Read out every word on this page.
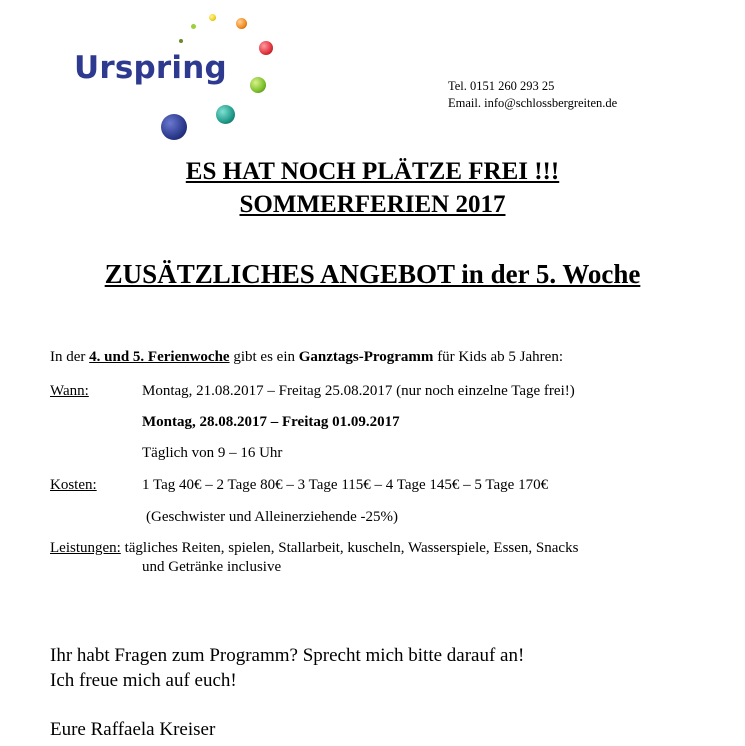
Urspring	Tel. 0151 260 293 25
Email. info@schlossbergreiten.de
ES HAT NOCH PLÄTZE FREI !!!
SOMMERFERIEN 2017
ZUSÄTZLICHES ANGEBOT in der 5. Woche
In der 4. und 5. Ferienwoche gibt es ein Ganztags-Programm für Kids ab 5 Jahren:
Wann:	Montag, 21.08.2017 – Freitag 25.08.2017 (nur noch einzelne Tage frei!)
Montag, 28.08.2017 – Freitag 01.09.2017
Täglich von 9 – 16 Uhr
Kosten:	1 Tag 40€ – 2 Tage 80€ – 3 Tage 115€ – 4 Tage 145€ – 5 Tage 170€
(Geschwister und Alleinerziehende -25%)
Leistungen: tägliches Reiten, spielen, Stallarbeit, kuscheln, Wasserspiele, Essen, Snacks
und Getränke inclusive
Ihr habt Fragen zum Programm? Sprecht mich bitte darauf an!
Ich freue mich auf euch!
Eure Raffaela Kreiser
